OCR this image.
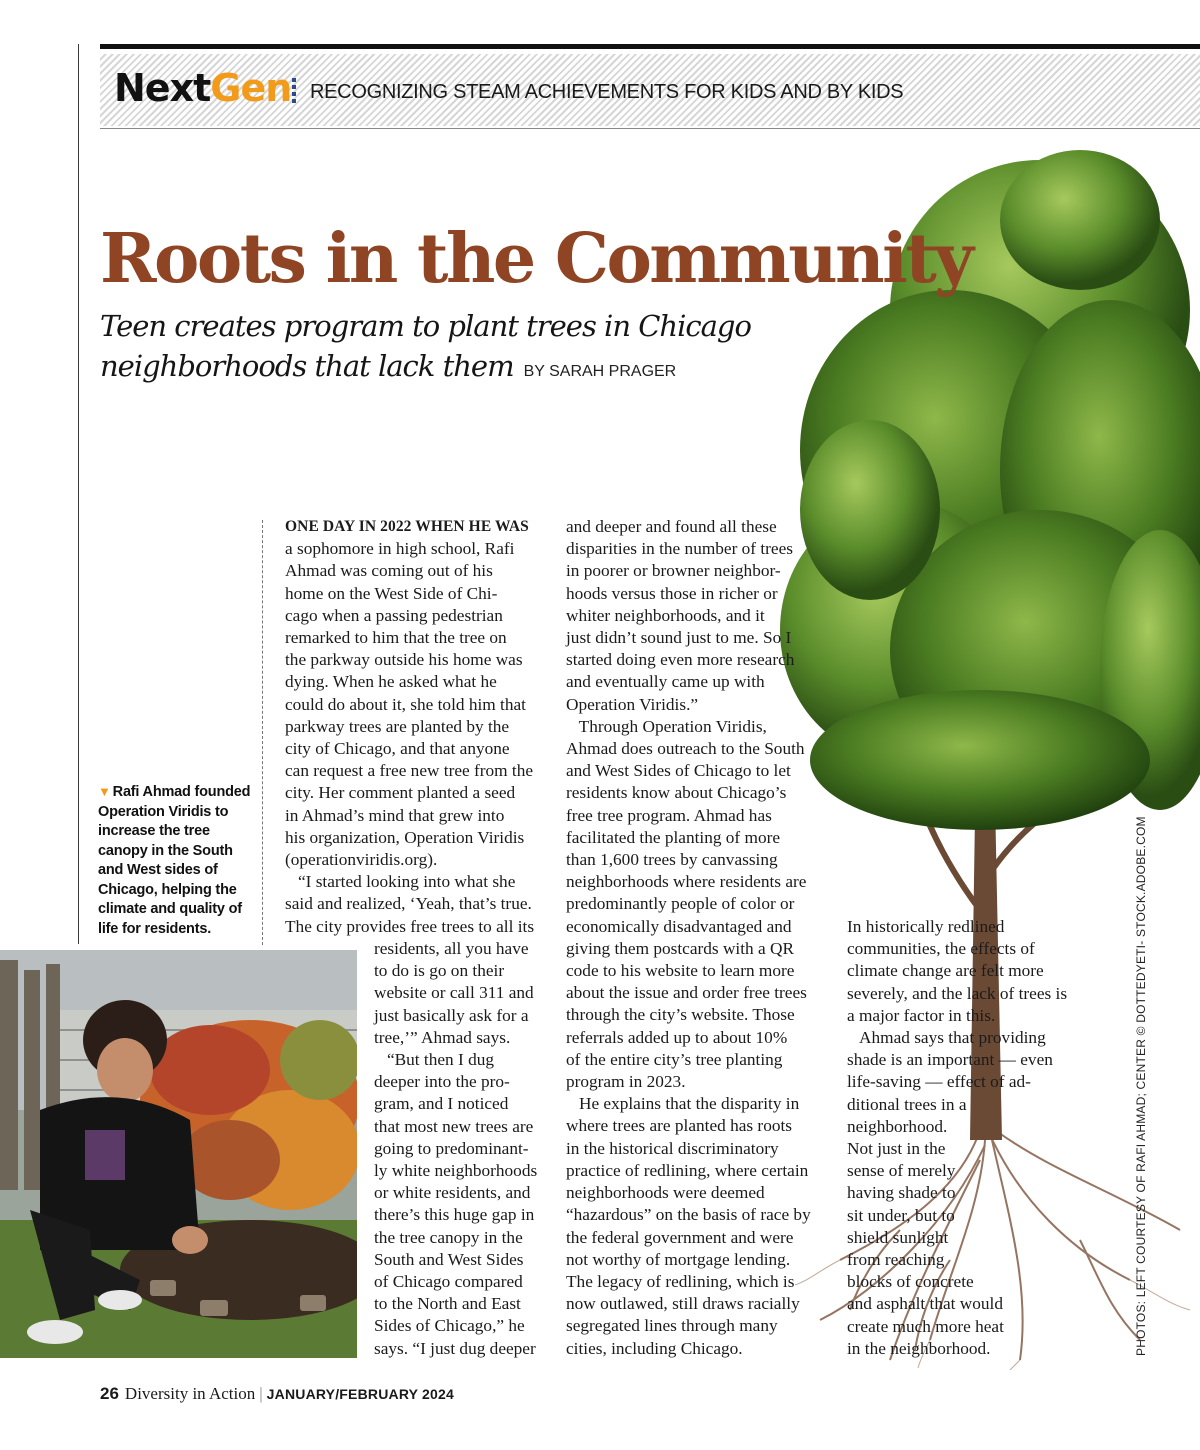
NextGen RECOGNIZING STEAM ACHIEVEMENTS FOR KIDS AND BY KIDS
Roots in the Community
Teen creates program to plant trees in Chicago
neighborhoods that lack them BY SARAH PRAGER
▼ Rafi Ahmad founded Operation Viridis to increase the tree canopy in the South and West sides of Chicago, helping the climate and quality of life for residents.

ONE DAY IN 2022 WHEN HE WAS

a sophomore in high school, Rafi

Ahmad was coming out of his

home on the West Side of Chi-

cago when a passing pedestrian

remarked to him that the tree on

the parkway outside his home was

dying. When he asked what he

could do about it, she told him that

parkway trees are planted by the

city of Chicago, and that anyone

can request a free new tree from the

city. Her comment planted a seed

in Ahmad’s mind that grew into

his organization, Operation Viridis

(operationviridis.org).

“I started looking into what she

said and realized, ‘Yeah, that’s true.

The city provides free trees to all its

residents, all you have

to do is go on their

website or call 311 and

just basically ask for a

tree,’” Ahmad says.

“But then I dug

deeper into the pro-

gram, and I noticed

that most new trees are

going to predominant-

ly white neighborhoods

or white residents, and

there’s this huge gap in

the tree canopy in the

South and West Sides

of Chicago compared

to the North and East

Sides of Chicago,” he

says. “I just dug deeper

and deeper and found all these

disparities in the number of trees

in poorer or browner neighbor-

hoods versus those in richer or

whiter neighborhoods, and it

just didn’t sound just to me. So I

started doing even more research

and eventually came up with

Operation Viridis.”

Through Operation Viridis,

Ahmad does outreach to the South

and West Sides of Chicago to let

residents know about Chicago’s

free tree program. Ahmad has

facilitated the planting of more

than 1,600 trees by canvassing

neighborhoods where residents are

predominantly people of color or

economically disadvantaged and

giving them postcards with a QR

code to his website to learn more

about the issue and order free trees

through the city’s website. Those

referrals added up to about 10%

of the entire city’s tree planting

program in 2023.

He explains that the disparity in

where trees are planted has roots

in the historical discriminatory

practice of redlining, where certain

neighborhoods were deemed

“hazardous” on the basis of race by

the federal government and were

not worthy of mortgage lending.

The legacy of redlining, which is

now outlawed, still draws racially

segregated lines through many

cities, including Chicago.

In historically redlined

communities, the effects of

climate change are felt more

severely, and the lack of trees is

a major factor in this.

Ahmad says that providing

shade is an important — even

life-saving — effect of ad-

ditional trees in a

neighborhood.

Not just in the

sense of merely

having shade to

sit under, but to

shield sunlight

from reaching

blocks of concrete

and asphalt that would

create much more heat

in the neighborhood.	PHOTOS: LEFT COURTESY OF RAFI AHMAD; CENTER © DOTTEDYETI- STOCK.ADOBE.COM
26 Diversity in Action | JANUARY/FEBRUARY 2024
